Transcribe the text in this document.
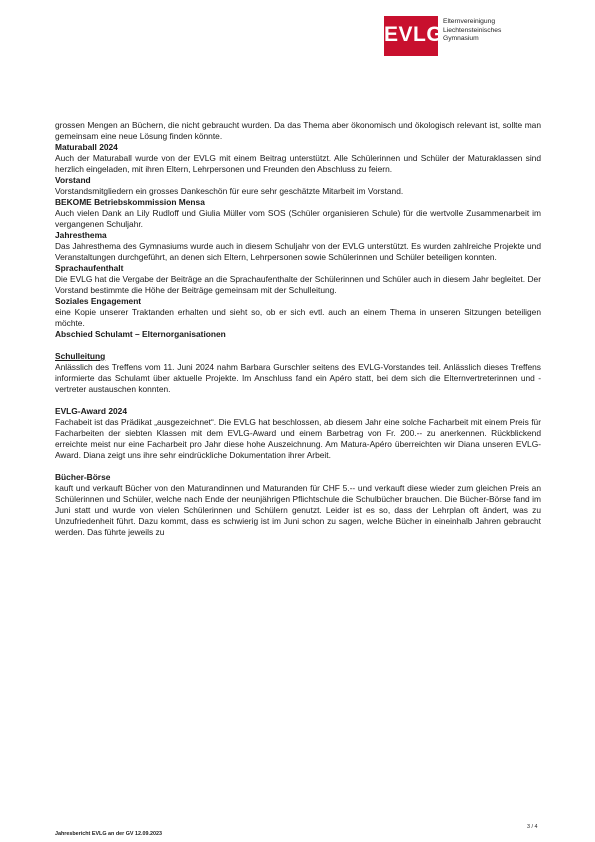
EVLG
Elternvereinigung
Liechtensteinisches
Gymnasium

grossen Mengen an Büchern, die nicht gebraucht wurden. Da das Thema aber ökonomisch und ökologisch relevant ist, sollte man gemeinsam eine neue Lösung finden könnte.

Maturaball 2024

Auch der Maturaball wurde von der EVLG mit einem Beitrag unterstützt. Alle Schülerinnen und Schüler der Maturaklassen sind herzlich eingeladen, mit ihren Eltern, Lehrpersonen und Freunden den Abschluss zu feiern.

Vorstand

Vorstandsmitgliedern ein grosses Dankeschön für eure sehr geschätzte Mitarbeit im Vorstand.

BEKOME Betriebskommission Mensa

Auch vielen Dank an Lily Rudloff und Giulia Müller vom SOS (Schüler organisieren Schule) für die wertvolle Zusammenarbeit im vergangenen Schuljahr.

Jahresthema

Das Jahresthema des Gymnasiums wurde auch in diesem Schuljahr von der EVLG unterstützt. Es wurden zahlreiche Projekte und Veranstaltungen durchgeführt, an denen sich Eltern, Lehrpersonen sowie Schülerinnen und Schüler beteiligen konnten.

Sprachaufenthalt

Die EVLG hat die Vergabe der Beiträge an die Sprachaufenthalte der Schülerinnen und Schüler auch in diesem Jahr begleitet. Der Vorstand bestimmte die Höhe der Beiträge gemeinsam mit der Schulleitung.

Soziales Engagement

eine Kopie unserer Traktanden erhalten und sieht so, ob er sich evtl. auch an einem Thema in unseren Sitzungen beteiligen möchte.

Abschied Schulamt – Elternorganisationen
Schulleitung

Anlässlich des Treffens vom 11. Juni 2024 nahm Barbara Gurschler seitens des EVLG-Vorstandes teil. Anlässlich dieses Treffens informierte das Schulamt über aktuelle Projekte. Im Anschluss fand ein Apéro statt, bei dem sich die Elternvertreterinnen und -vertreter austauschen konnten.

EVLG-Award 2024

Fachabeit ist das Prädikat „ausgezeichnet“. Die EVLG hat beschlossen, ab diesem Jahr eine solche Facharbeit mit einem Preis für Facharbeiten der siebten Klassen mit dem EVLG-Award und einem Barbetrag von Fr. 200.-- zu anerkennen. Rückblickend erreichte meist nur eine Facharbeit pro Jahr diese hohe Auszeichnung. Am Matura-Apéro überreichten wir Diana unseren EVLG-Award. Diana zeigt uns ihre sehr eindrückliche Dokumentation ihrer Arbeit.

Bücher-Börse

kauft und verkauft Bücher von den Maturandinnen und Maturanden für CHF 5.-- und verkauft diese wieder zum gleichen Preis an Schülerinnen und Schüler, welche nach Ende der neunjährigen Pflichtschule die Schulbücher brauchen. Die Bücher-Börse fand im Juni statt und wurde von vielen Schülerinnen und Schülern genutzt. Leider ist es so, dass der Lehrplan oft ändert, was zu Unzufriedenheit führt. Dazu kommt, dass es schwierig ist im Juni schon zu sagen, welche Bücher in eineinhalb Jahren gebraucht werden. Das führte jeweils zu

3 / 4
Jahresbericht EVLG an der GV 12.09.2023
